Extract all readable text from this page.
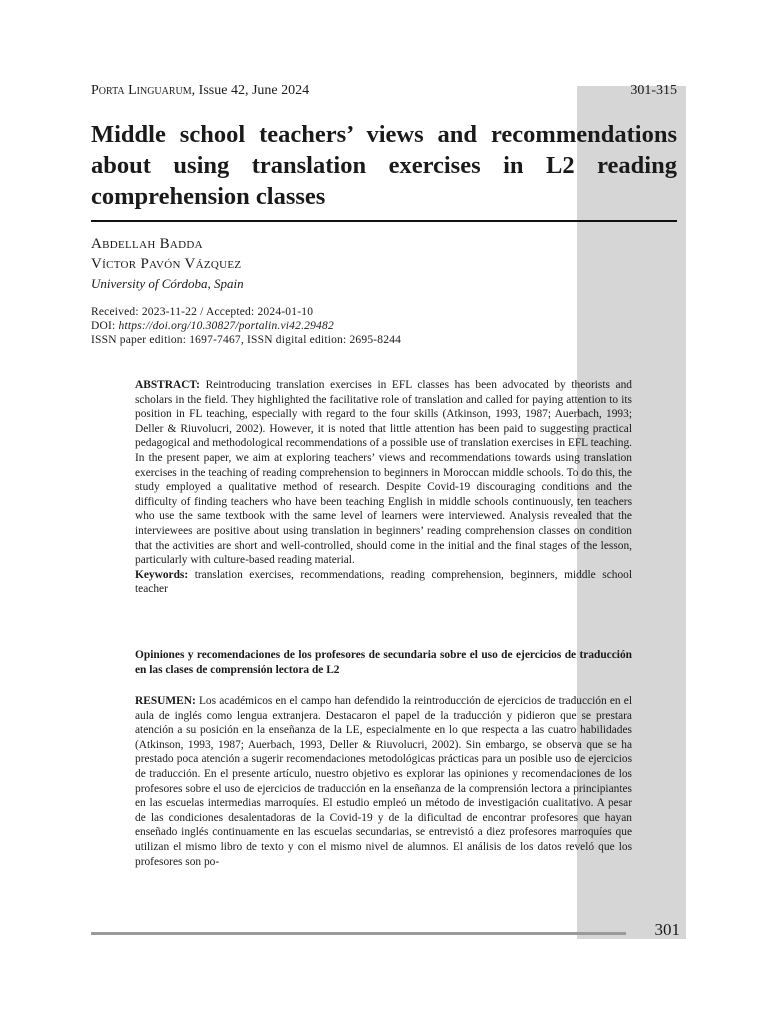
Porta Linguarum, Issue 42, June 2024	301-315
Middle school teachers’ views and recommendations about using translation exercises in L2 reading comprehension classes
Abdellah Badda
Víctor Pavón Vázquez
University of Córdoba, Spain
Received: 2023-11-22 / Accepted: 2024-01-10
DOI: https://doi.org/10.30827/portalin.vi42.29482
ISSN paper edition: 1697-7467, ISSN digital edition: 2695-8244

ABSTRACT: Reintroducing translation exercises in EFL classes has been advocated by theorists and scholars in the field. They highlighted the facilitative role of translation and called for paying attention to its position in FL teaching, especially with regard to the four skills (Atkinson, 1993, 1987; Auerbach, 1993; Deller & Riuvolucri, 2002). However, it is noted that little attention has been paid to suggesting practical pedagogical and methodological recommendations of a possible use of translation exercises in EFL teaching. In the present paper, we aim at exploring teachers’ views and recommendations towards using translation exercises in the teaching of reading comprehension to beginners in Moroccan middle schools. To do this, the study employed a qualitative method of research. Despite Covid-19 discouraging conditions and the difficulty of finding teachers who have been teaching English in middle schools continuously, ten teachers who use the same textbook with the same level of learners were interviewed. Analysis revealed that the interviewees are positive about using translation in beginners’ reading comprehension classes on condition that the activities are short and well-controlled, should come in the initial and the final stages of the lesson, particularly with culture-based reading material.

Keywords: translation exercises, recommendations, reading comprehension, beginners, middle school teacher

Opiniones y recomendaciones de los profesores de secundaria sobre el uso de ejercicios de traducción en las clases de comprensión lectora de L2

RESUMEN: Los académicos en el campo han defendido la reintroducción de ejercicios de traducción en el aula de inglés como lengua extranjera. Destacaron el papel de la traducción y pidieron que se prestara atención a su posición en la enseñanza de la LE, especialmente en lo que respecta a las cuatro habilidades (Atkinson, 1993, 1987; Auerbach, 1993, Deller & Riuvolucri, 2002). Sin embargo, se observa que se ha prestado poca atención a sugerir recomendaciones metodológicas prácticas para un posible uso de ejercicios de traducción. En el presente artículo, nuestro objetivo es explorar las opiniones y recomendaciones de los profesores sobre el uso de ejercicios de traducción en la enseñanza de la comprensión lectora a principiantes en las escuelas intermedias marroquíes. El estudio empleó un método de investigación cualitativo. A pesar de las condiciones desalentadoras de la Covid-19 y de la dificultad de encontrar profesores que hayan enseñado inglés continuamente en las escuelas secundarias, se entrevistó a diez profesores marroquíes que utilizan el mismo libro de texto y con el mismo nivel de alumnos. El análisis de los datos reveló que los profesores son po-

301
